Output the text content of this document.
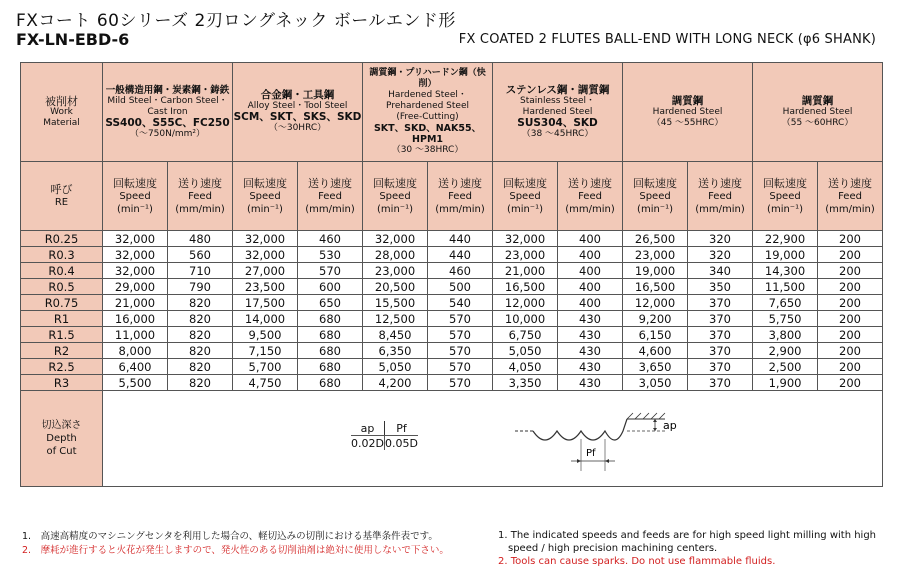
FXコート 60シリーズ 2刃ロングネック ボールエンド形
FX-LN-EBD-6	FX COATED 2 FLUTES BALL-END WITH LONG NECK (φ6 SHANK)
被削材
Work
Material

一般構造用鋼・炭素鋼・鋳鉄
Mild Steel・Carbon Steel・
Cast Iron
SS400、S55C、FC250
（～750N/mm²）

合金鋼・工具鋼
Alloy Steel・Tool Steel
SCM、SKT、SKS、SKD
（～30HRC）

調質鋼・プリハードン鋼（快削）
Hardened Steel・
Prehardened Steel
(Free-Cutting)
SKT、SKD、NAK55、HPM1
（30 ～38HRC）

ステンレス鋼・調質鋼
Stainless Steel・
Hardened Steel
SUS304、SKD
（38 ～45HRC）

調質鋼
Hardened Steel
（45 ～55HRC）

調質鋼
Hardened Steel
（55 ～60HRC）

呼び
RE

回転速度
Speed
(min⁻¹)

送り速度
Feed
(mm/min)

回転速度
Speed
(min⁻¹)

送り速度
Feed
(mm/min)

回転速度
Speed
(min⁻¹)

送り速度
Feed
(mm/min)

回転速度
Speed
(min⁻¹)

送り速度
Feed
(mm/min)

回転速度
Speed
(min⁻¹)

送り速度
Feed
(mm/min)

回転速度
Speed
(min⁻¹)

送り速度
Feed
(mm/min)

R0.25	32,000	480	32,000	460	32,000	440	32,000	400	26,500	320	22,900	200
R0.3	32,000	560	32,000	530	28,000	440	23,000	400	23,000	320	19,000	200
R0.4	32,000	710	27,000	570	23,000	460	21,000	400	19,000	340	14,300	200
R0.5	29,000	790	23,500	600	20,500	500	16,500	400	16,500	350	11,500	200
R0.75	21,000	820	17,500	650	15,500	540	12,000	400	12,000	370	7,650	200
R1	16,000	820	14,000	680	12,500	570	10,000	430	9,200	370	5,750	200
R1.5	11,000	820	9,500	680	8,450	570	6,750	430	6,150	370	3,800	200
R2	8,000	820	7,150	680	6,350	570	5,050	430	4,600	370	2,900	200
R2.5	6,400	820	5,700	680	5,050	570	4,050	430	3,650	370	2,500	200
R3	5,500	820	4,750	680	4,200	570	3,350	430	3,050	370	1,900	200

切込深さ
Depth
of Cut

ap	Pf
0.02D	0.05D
ap
Pf
1.　高速高精度のマシニングセンタを利用した場合の、軽切込みの切削における基準条件表です。
2.　摩耗が進行すると火花が発生しますので、発火性のある切削油剤は絶対に使用しないで下さい。
1. The indicated speeds and feeds are for high speed light milling with high
speed / high precision machining centers.
2. Tools can cause sparks. Do not use flammable fluids.
